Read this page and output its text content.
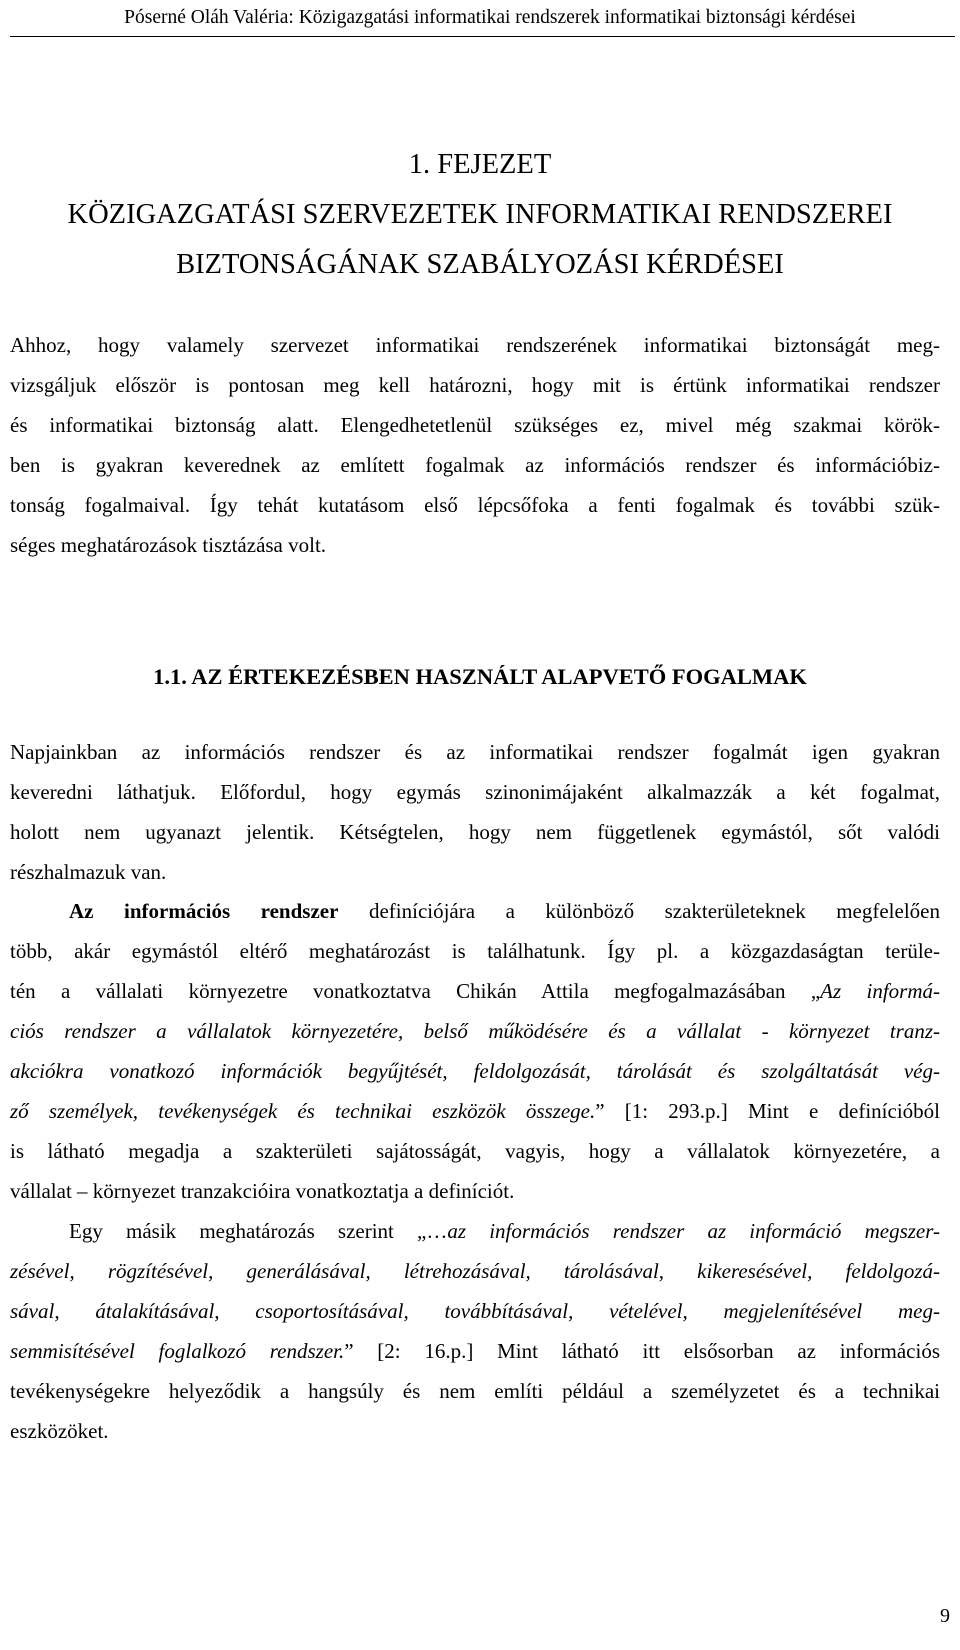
Póserné Oláh Valéria: Közigazgatási informatikai rendszerek informatikai biztonsági kérdései
1. FEJEZET
KÖZIGAZGATÁSI SZERVEZETEK INFORMATIKAI RENDSZEREI
BIZTONSÁGÁNAK SZABÁLYOZÁSI KÉRDÉSEI

Ahhoz, hogy valamely szervezet informatikai rendszerének informatikai biztonságát meg-
vizsgáljuk először is pontosan meg kell határozni, hogy mit is értünk informatikai rendszer
és informatikai biztonság alatt. Elengedhetetlenül szükséges ez, mivel még szakmai körök-
ben is gyakran keverednek az említett fogalmak az információs rendszer és információbiz-
tonság fogalmaival. Így tehát kutatásom első lépcsőfoka a fenti fogalmak és további szük-
séges meghatározások tisztázása volt.

1.1. AZ ÉRTEKEZÉSBEN HASZNÁLT ALAPVETŐ FOGALMAK

Napjainkban az információs rendszer és az informatikai rendszer fogalmát igen gyakran
keveredni láthatjuk. Előfordul, hogy egymás szinonimájaként alkalmazzák a két fogalmat,
holott nem ugyanazt jelentik. Kétségtelen, hogy nem függetlenek egymástól, sőt valódi
részhalmazuk van.

Az információs rendszer definíciójára a különböző szakterületeknek megfelelően
több, akár egymástól eltérő meghatározást is találhatunk. Így pl. a közgazdaságtan terüle-
tén a vállalati környezetre vonatkoztatva Chikán Attila megfogalmazásában „Az informá-
ciós rendszer a vállalatok környezetére, belső működésére és a vállalat - környezet tranz-
akciókra vonatkozó információk begyűjtését, feldolgozását, tárolását és szolgáltatását vég-
ző személyek, tevékenységek és technikai eszközök összege.” [1: 293.p.] Mint e definícióból
is látható megadja a szakterületi sajátosságát, vagyis, hogy a vállalatok környezetére, a
vállalat – környezet tranzakcióira vonatkoztatja a definíciót.

Egy másik meghatározás szerint „…az információs rendszer az információ megszer-
zésével, rögzítésével, generálásával, létrehozásával, tárolásával, kikeresésével, feldolgozá-
sával, átalakításával, csoportosításával, továbbításával, vételével, megjelenítésével meg-
semmisítésével foglalkozó rendszer.” [2: 16.p.] Mint látható itt elsősorban az információs
tevékenységekre helyeződik a hangsúly és nem említi például a személyzetet és a technikai
eszközöket.

9
